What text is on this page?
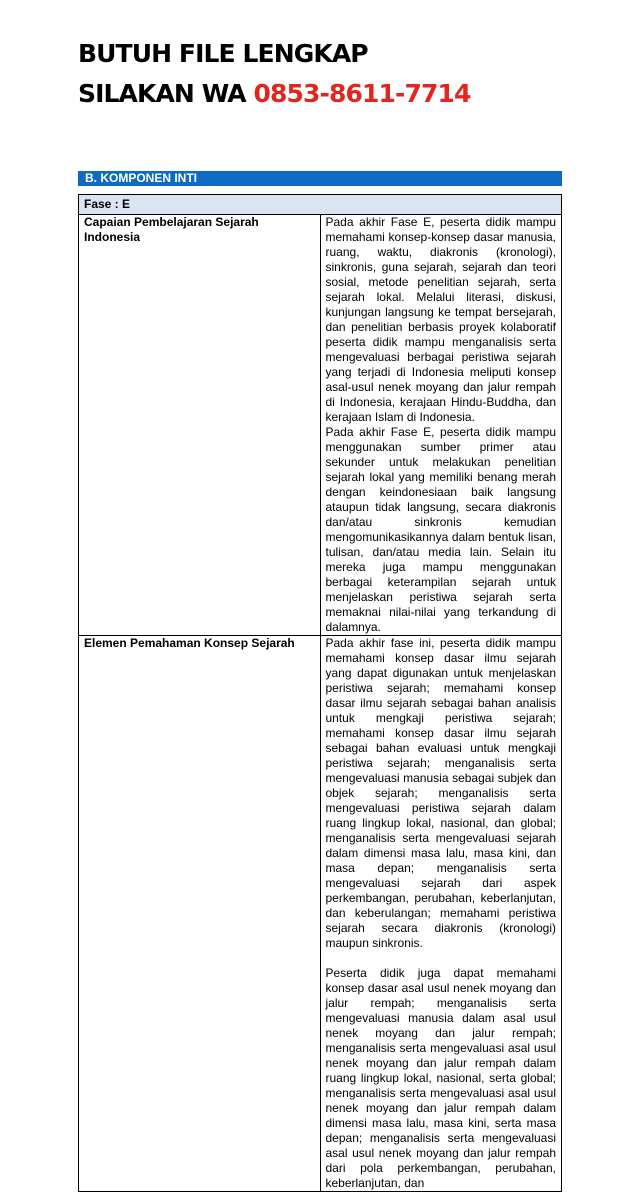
BUTUH FILE LENGKAP
SILAKAN WA 0853-8611-7714
B. KOMPONEN INTI
Fase : E	
Capaian Pembelajaran Sejarah Indonesia	Pada akhir Fase E, peserta didik mampu memahami konsep-konsep dasar manusia, ruang, waktu, diakronis (kronologi), sinkronis, guna sejarah, sejarah dan teori sosial, metode penelitian sejarah, serta sejarah lokal. Melalui literasi, diskusi, kunjungan langsung ke tempat bersejarah, dan penelitian berbasis proyek kolaboratif peserta didik mampu menganalisis serta mengevaluasi berbagai peristiwa sejarah yang terjadi di Indonesia meliputi konsep asal-usul nenek moyang dan jalur rempah di Indonesia, kerajaan Hindu-Buddha, dan kerajaan Islam di Indonesia.

Pada akhir Fase E, peserta didik mampu menggunakan sumber primer atau sekunder untuk melakukan penelitian sejarah lokal yang memiliki benang merah dengan keindonesiaan baik langsung ataupun tidak langsung, secara diakronis dan/atau sinkronis kemudian mengomunikasikannya dalam bentuk lisan, tulisan, dan/atau media lain. Selain itu mereka juga mampu menggunakan berbagai keterampilan sejarah untuk menjelaskan peristiwa sejarah serta memaknai nilai-nilai yang terkandung di dalamnya.

Elemen Pemahaman Konsep Sejarah	Pada akhir fase ini, peserta didik mampu memahami konsep dasar ilmu sejarah yang dapat digunakan untuk menjelaskan peristiwa sejarah; memahami konsep dasar ilmu sejarah sebagai bahan analisis untuk mengkaji peristiwa sejarah; memahami konsep dasar ilmu sejarah sebagai bahan evaluasi untuk mengkaji peristiwa sejarah; menganalisis serta mengevaluasi manusia sebagai subjek dan objek sejarah; menganalisis serta mengevaluasi peristiwa sejarah dalam ruang lingkup lokal, nasional, dan global; menganalisis serta mengevaluasi sejarah dalam dimensi masa lalu, masa kini, dan masa depan; menganalisis serta mengevaluasi sejarah dari aspek perkembangan, perubahan, keberlanjutan, dan keberulangan; memahami peristiwa sejarah secara diakronis (kronologi) maupun sinkronis.

Peserta didik juga dapat memahami konsep dasar asal usul nenek moyang dan jalur rempah; menganalisis serta mengevaluasi manusia dalam asal usul nenek moyang dan jalur rempah; menganalisis serta mengevaluasi asal usul nenek moyang dan jalur rempah dalam ruang lingkup lokal, nasional, serta global; menganalisis serta mengevaluasi asal usul nenek moyang dan jalur rempah dalam dimensi masa lalu, masa kini, serta masa depan; menganalisis serta mengevaluasi asal usul nenek moyang dan jalur rempah dari pola perkembangan, perubahan, keberlanjutan, dan
